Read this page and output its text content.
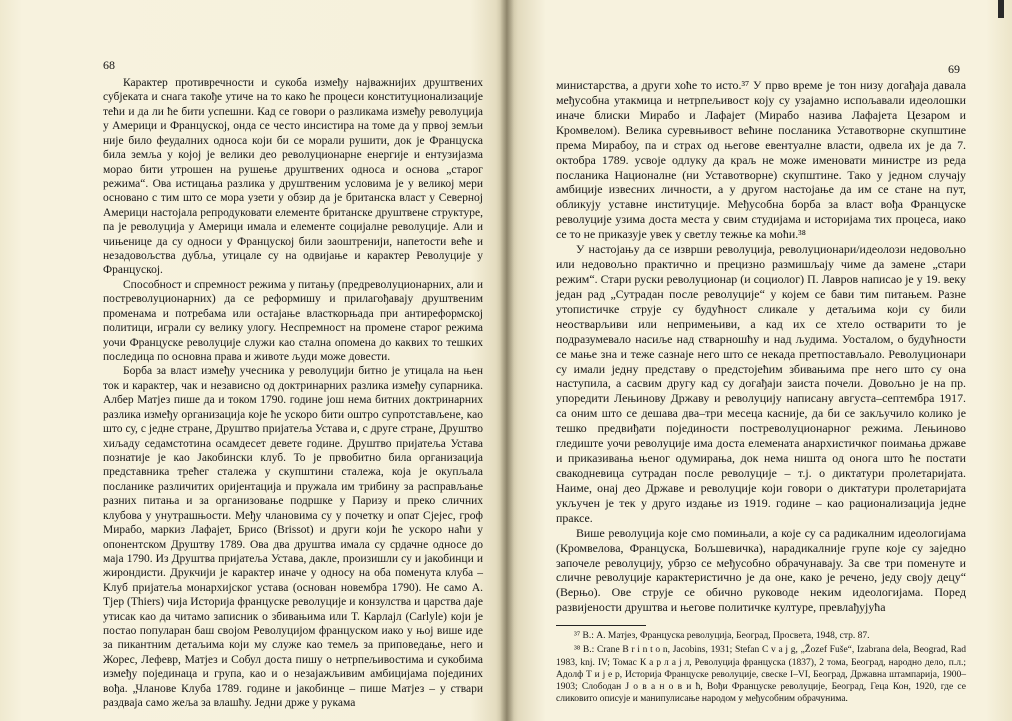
68

Карактер противречности и сукоба између најважнијих друштвених субјеката и снага такође утиче на то како ће процеси конституционализације тећи и да ли ће бити успешни. Кад се говори о разликама између револуција у Америци и Француској, онда се често инсистира на томе да у првој земљи није било феудалних односа који би се морали рушити, док је Француска била земља у којој је велики део револуционарне енергије и ентузијазма морао бити утрошен на рушење друштвених односа и основа „старог режима“. Ова истицања разлика у друштвеним условима је у великој мери основано с тим што се мора узети у обзир да је британска власт у Северној Америци настојала репродуковати елементе британске друштвене структуре, па је револуција у Америци имала и елементе социјалне револуције. Али и чињенице да су односи у Француској били заоштренији, напетости веће и незадовољства дубља, утицале су на одвијање и карактер Револуције у Француској.

Способност и спремност режима у питању (предреволуционарних, али и постреволуционарних) да се реформишу и прилагођавају друштвеним променама и потребама или остајање власткорњада при антиреформској политици, играли су велику улогу. Неспремност на промене старог режима уочи Француске револуције служи као стална опомена до каквих то тешких последица по основна права и животе људи може довести.

Борба за власт између учесника у револуцији битно је утицала на њен ток и карактер, чак и независно од доктринарних разлика између супарника. Албер Матјез пише да и током 1790. године још нема битних доктринарних разлика између организација које ће ускоро бити оштро супротстављене, као што су, с једне стране, Друштво пријатеља Устава и, с друге стране, Друштво хиљаду седамстотина осамдесет девете године. Друштво пријатеља Устава познатије је као Јакобински клуб. То је првобитно била организација представника трећег сталежа у скупштини сталежа, која је окупљала посланике различитих оријентација и пружала им трибину за расправљање разних питања и за организовање подршке у Паризу и преко сличних клубова у унутрашњости. Међу члановима су у почетку и опат Сјејес, гроф Мирабо, маркиз Лафајет, Брисо (Brissot) и други који ће ускоро наћи у опонентском Друштву 1789. Ова два друштва имала су срдачне односе до маја 1790. Из Друштва пријатеља Устава, дакле, произишли су и јакобинци и жирондисти. Друкчији је карактер иначе у односу на оба поменута клуба – Клуб пријатеља монархијског устава (основан новембра 1790). Не само А. Тјер (Thiers) чија Историја француске револуције и конзулства и царства даје утисак као да читамо записник о збивањима или Т. Карлајл (Carlyle) који је постао популаран баш својом Револуцијом француском иако у њој више иде за пикантним детаљима који му служе као темељ за приповедање, него и Жорес, Лефевр, Матјез и Собул доста пишу о нетрпељивостима и сукобима између појединаца и група, као и о незајажљивим амбицијама појединих вођа. „Чланове Клуба 1789. године и јакобинце – пише Матјез – у ствари раздваја само жеља за влашћу. Једни држе у рукама

69

министарства, а други хоће то исто.³⁷ У прво време је тон низу догађаја давала међусобна утакмица и нетрпељивост коју су узајамно испољавали идеолошки иначе блиски Мирабо и Лафајет (Мирабо назива Лафајета Цезаром и Кромвелом). Велика суревњивост већине посланика Уставотворне скупштине према Мирабоу, па и страх од његове евентуалне власти, одвела их је да 7. октобра 1789. усвоје одлуку да краљ не може именовати министре из реда посланика Националне (ни Уставотворне) скупштине. Тако у једном случају амбиције извесних личности, а у другом настојање да им се стане на пут, обликују уставне институције. Међусобна борба за власт вођа Француске револуције узима доста места у свим студијама и историјама тих процеса, иако се то не приказује увек у светлу тежње ка моћи.³⁸

У настојању да се изврши револуција, револуционари/идеолози недовољно или недовољно практично и прецизно размишљају чиме да замене „стари режим“. Стари руски револуционар (и социолог) П. Лавров написао је у 19. веку један рад „Сутрадан после револуције“ у којем се бави тим питањем. Разне утопистичке струје су будућност сликале у детаљима који су били неостварљиви или непримењиви, а кад их се хтело остварити то је подразумевало насиље над стварношћу и над људима. Уосталом, о будућности се мање зна и теже сазнаје него што се некада претпостављало. Револуционари су имали једну представу о предстојећим збивањима пре него што су она наступила, а сасвим другу кад су догађаји заиста почели. Довољно је на пр. упоредити Лењинову Државу и револуцију написану августа–септембра 1917. са оним што се дешава два–три месеца касније, да би се закључило колико је тешко предвиђати појединости постреволуционарног режима. Лењиново гледиште уочи револуције има доста елемената анархистичког поимања државе и приказивања њеног одумирања, док нема ништа од онога што ће постати свакодневица сутрадан после револуције – т.ј. о диктатури пролетаријата. Наиме, онај део Државе и револуције који говори о диктатури пролетаријата укључен је тек у друго издање из 1919. године – као рационализација једне праксе.

Више револуција које смо помињали, а које су са радикалним идеологијама (Кромвелова, Француска, Бољшевичка), нарадикалније групе које су заједно започеле револуцију, убрзо се међусобно обрачунавају. За све три поменуте и сличне револуције карактеристично је да оне, како је речено, једу своју децу“ (Верњо). Овe струје се обично руководе неким идеологијама. Поред развијености друштва и његове политичке културе, превлађујућа

³⁷ В.: А. Матјез, Француска револуција, Београд, Просвета, 1948, стр. 87.

³⁸ В.: Crane B r i n t o n, Jacobins, 1931; Stefan C v a j g, „Žozef Fuše“, Izabrana dela, Beograd, Rad 1983, knj. IV; Томас К а р л а ј л, Револуција француска (1837), 2 тома, Београд, народно дело, п.л.; Адолф Т и ј е р, Историја Француске револуције, свеске I–VI, Београд, Државна штампарија, 1900–1903; Слободан Ј о в а н о в и ћ, Вођи Француске револуције, Београд, Геца Кон, 1920, где се сликовито описује и манипулисање народом у међусобним обрачунима.
